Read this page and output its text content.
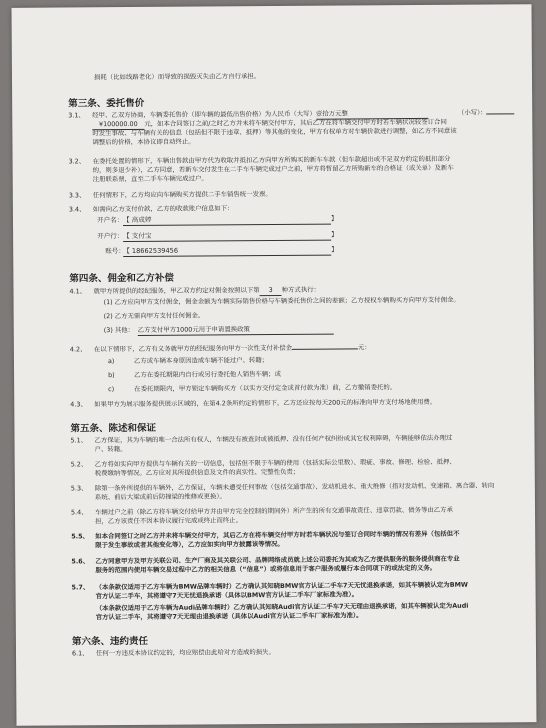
损耗（比如线路老化）而导致的损毁灭失由乙方自行承担。
第三条、委托售价
3.1、 经甲、乙双方协商，车辆委托售价（即车辆的最低出售价格）为人民币（大写）壹拾万元整	（小写）：
¥100000.00 元，如本合同签订之前/之时乙方并未将车辆交付甲方，其后乙方在将车辆交付甲方时若车辆状况较签订合同
时发生事故、与车辆有关的信息（包括但不限于违章、抵押）等其他的变化，甲方有权单方对车辆价款进行调整，如乙方不同意该
调整后的价格，本协议即自动终止。
3.2、 在委托处置的情形下，车辆出售款由甲方代为收取并抵扣乙方向甲方所购买的新车车款（但车款超出或不足双方约定的抵扣部分
的，则多退少补），乙方同意，若新车交付发生在二手车车辆完成过户之前，甲方将暂留乙方所购新车的合格证（或关单）及新车
注册联系票，直至二手车车辆完成过户。
3.3、 任何情形下，乙方均应向车辆购买方提供二手车销售统一发票。
3.4、 如需向乙方支付价款，乙方的收款账户信息如下：
开户名： 【 高成婷	】
开户行： 【 支付宝	】
账号：
【 18662539456	】
第四条、佣金和乙方补偿
4.1、 就甲方所提供的经纪服务，甲乙双方约定对佣金按照以下第 3 种方式执行：
(1) 乙方应向甲方支付佣金，佣金金额为车辆实际销售价格与车辆委托售价之间的差额；乙方授权车辆购买方向甲方支付佣金。
(2) 乙方无需向甲方支付任何佣金。
(3) 其他： 乙方支付甲方1000元用于申请置换政策
4.2、 在以下情形下，乙方有义务就甲方的经纪服务向甲方一次性支付补偿金	元：
a)	乙方或车辆本身原因造成车辆不能过户、转籍；
b)	乙方在委托期限内自行或另行委托他人销售车辆；或
c)	在委托期限内，甲方锁定车辆购买方（以实方交付定金或首付款为准）前，乙方撤销委托的。
4.3、 如果甲方为展示服务提供展示区域的，在第4.2条所约定的情形下，乙方还应按每天200元的标准向甲方支付场地使用费。
第五条、陈述和保证
5.1、 乙方保证，其为车辆的唯一合法所有权人，车辆没有被查封或被抵押、没有任何产权纠纷或其它权利障碍，车辆能够依法办理过
户、转籍。
5.2、 乙方将如实向甲方提供与车辆有关的一切信息，包括但不限于车辆的使用（包括实际公里数）、瑕疵、事故、修理、检验、抵押、
税费缴纳等情况。乙方应对其所提供信息及文件的真实性、完整性负责；
5.3、 除第一条外所提供的车辆外，乙方保证，车辆未遭受任何事故（包括交通事故）、发动机进水、重大维修（指对发动机、变速箱、离合器、转向
系统、前后大梁或前后防撞梁的维修或更换）。
5.4、 车辆过户之前（除乙方将车辆交付给甲方并由甲方完全控制的期间外）所产生的所有交通事故责任、违章罚款、债务等由乙方承
担，乙方该责任不因本协议履行完成或终止而终止。
5.5、 如本合同签订之时乙方并未将车辆交付甲方，其后乙方在将车辆交付甲方时若车辆状况与签订合同时车辆的情况有差异（包括但不
限于发生事故或者其他变化等），乙方应如实向甲方披露该等情况。
5.6、 乙方同意甲方及甲方关联公司、生产厂商及其关联公司、品牌网络成员就上述公司委托为其或为乙方提供服务的服务提供商在专业
服务的范围内使用车辆交易过程中乙方的相关信息（“信息”）或将信息用于客户服务或履行本合同项下的或法定的义务。
5.7、 （本条款仅适用于乙方车辆为BMW品牌车辆时）乙方确认其知晓BMW官方认证二手车7天无忧退换承诺，如其车辆被认定为BMW
官方认证二手车，其将遵守7天无忧退换承诺（具体以BMW官方认证二手车厂家标准为准）。
（本条款仅适用于乙方车辆为Audi品牌车辆时）乙方确认其知晓Audi官方认证二手车7天无理由退换承诺，如其车辆被认定为Audi
官方认证二手车，其将遵守7天无理由退换承诺（具体以Audi官方认证二手车厂家标准为准）。
第六条、违约责任
6.1、 任何一方违反本协议约定的，均应赔偿由此给对方造成的损失。
